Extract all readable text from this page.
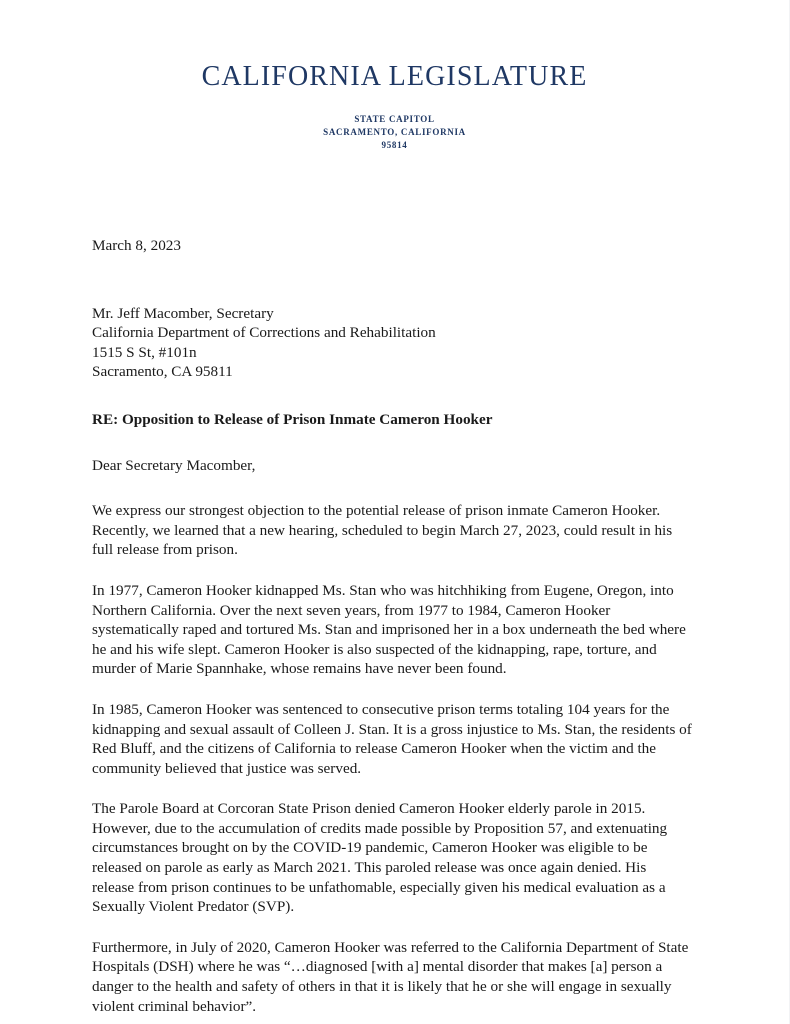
CALIFORNIA LEGISLATURE
STATE CAPITOL
SACRAMENTO, CALIFORNIA
95814
March 8, 2023
Mr. Jeff Macomber, Secretary
California Department of Corrections and Rehabilitation
1515 S St, #101n
Sacramento, CA 95811
RE: Opposition to Release of Prison Inmate Cameron Hooker
Dear Secretary Macomber,
We express our strongest objection to the potential release of prison inmate Cameron Hooker. Recently, we learned that a new hearing, scheduled to begin March 27, 2023, could result in his full release from prison.
In 1977, Cameron Hooker kidnapped Ms. Stan who was hitchhiking from Eugene, Oregon, into Northern California. Over the next seven years, from 1977 to 1984, Cameron Hooker systematically raped and tortured Ms. Stan and imprisoned her in a box underneath the bed where he and his wife slept. Cameron Hooker is also suspected of the kidnapping, rape, torture, and murder of Marie Spannhake, whose remains have never been found.
In 1985, Cameron Hooker was sentenced to consecutive prison terms totaling 104 years for the kidnapping and sexual assault of Colleen J. Stan. It is a gross injustice to Ms. Stan, the residents of Red Bluff, and the citizens of California to release Cameron Hooker when the victim and the community believed that justice was served.
The Parole Board at Corcoran State Prison denied Cameron Hooker elderly parole in 2015. However, due to the accumulation of credits made possible by Proposition 57, and extenuating circumstances brought on by the COVID-19 pandemic, Cameron Hooker was eligible to be released on parole as early as March 2021. This paroled release was once again denied. His release from prison continues to be unfathomable, especially given his medical evaluation as a Sexually Violent Predator (SVP).
Furthermore, in July of 2020, Cameron Hooker was referred to the California Department of State Hospitals (DSH) where he was “…diagnosed [with a] mental disorder that makes [a] person a danger to the health and safety of others in that it is likely that he or she will engage in sexually violent criminal behavior”.
